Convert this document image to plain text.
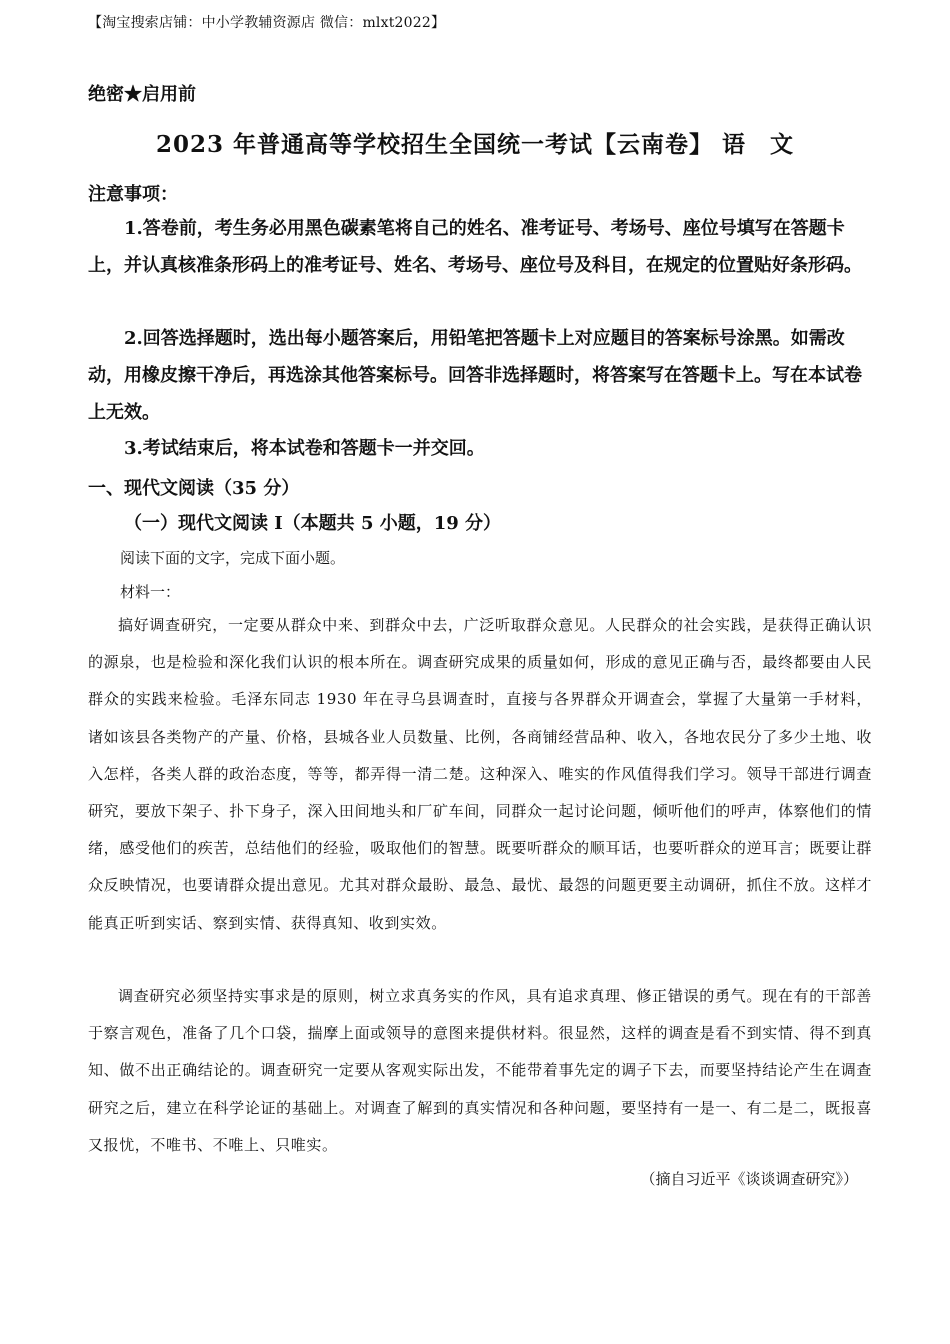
【淘宝搜索店铺：中小学教辅资源店 微信：mlxt2022】
绝密★启用前
2023 年普通高等学校招生全国统一考试【云南卷】 语　文
注意事项：

1.答卷前，考生务必用黑色碳素笔将自己的姓名、准考证号、考场号、座位号填写在答题卡上，并认真核准条形码上的准考证号、姓名、考场号、座位号及科目，在规定的位置贴好条形码。

2.回答选择题时，选出每小题答案后，用铅笔把答题卡上对应题目的答案标号涂黑。如需改动，用橡皮擦干净后，再选涂其他答案标号。回答非选择题时，将答案写在答题卡上。写在本试卷上无效。

3.考试结束后，将本试卷和答题卡一并交回。

一、现代文阅读（35 分）
（一）现代文阅读 I（本题共 5 小题，19 分）
阅读下面的文字，完成下面小题。
材料一：

搞好调查研究，一定要从群众中来、到群众中去，广泛听取群众意见。人民群众的社会实践，是获得正确认识的源泉，也是检验和深化我们认识的根本所在。调查研究成果的质量如何，形成的意见正确与否，最终都要由人民群众的实践来检验。毛泽东同志 1930 年在寻乌县调查时，直接与各界群众开调查会，掌握了大量第一手材料，诸如该县各类物产的产量、价格，县城各业人员数量、比例，各商铺经营品种、收入，各地农民分了多少土地、收入怎样，各类人群的政治态度，等等，都弄得一清二楚。这种深入、唯实的作风值得我们学习。领导干部进行调查研究，要放下架子、扑下身子，深入田间地头和厂矿车间，同群众一起讨论问题，倾听他们的呼声，体察他们的情绪，感受他们的疾苦，总结他们的经验，吸取他们的智慧。既要听群众的顺耳话，也要听群众的逆耳言；既要让群众反映情况，也要请群众提出意见。尤其对群众最盼、最急、最忧、最怨的问题更要主动调研，抓住不放。这样才能真正听到实话、察到实情、获得真知、收到实效。

调查研究必须坚持实事求是的原则，树立求真务实的作风，具有追求真理、修正错误的勇气。现在有的干部善于察言观色，准备了几个口袋，揣摩上面或领导的意图来提供材料。很显然，这样的调查是看不到实情、得不到真知、做不出正确结论的。调查研究一定要从客观实际出发，不能带着事先定的调子下去，而要坚持结论产生在调查研究之后，建立在科学论证的基础上。对调查了解到的真实情况和各种问题，要坚持有一是一、有二是二，既报喜又报忧，不唯书、不唯上、只唯实。

（摘自习近平《谈谈调查研究》）
